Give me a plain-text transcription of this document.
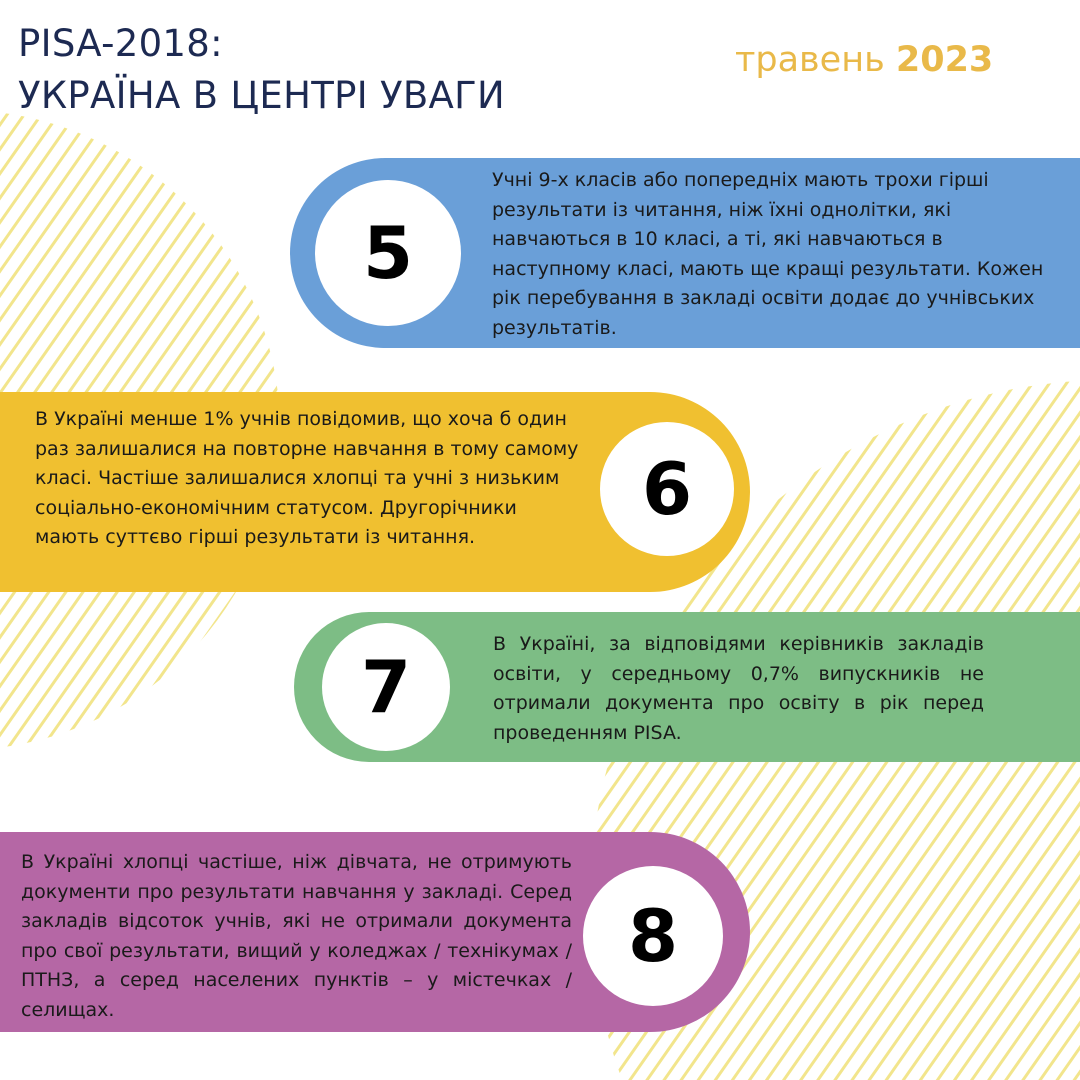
PISA-2018:
УКРАЇНА В ЦЕНТРІ УВАГИ
травень 2023
5
Учні 9-х класів або попередніх мають трохи гірші результати із читання, ніж їхні однолітки, які навчаються в 10 класі, а ті, які навчаються в наступному класі, мають ще кращі результати. Кожен рік перебування в закладі освіти додає до учнівських результатів.
6
В Україні менше 1% учнів повідомив, що хоча б один раз залишалися на повторне навчання в тому самому класі. Частіше залишалися хлопці та учні з низьким соціально-економічним статусом. Другорічники мають суттєво гірші результати із читання.
7
В Україні, за відповідями керівників закладів освіти, у середньому 0,7% випускників не отримали документа про освіту в рік перед проведенням PISA.
8
В Україні хлопці частіше, ніж дівчата, не отримують документи про результати навчання у закладі. Серед закладів відсоток учнів, які не отримали документа про свої результати, вищий у коледжах / технікумах / ПТНЗ, а серед населених пунктів – у містечках / селищах.
